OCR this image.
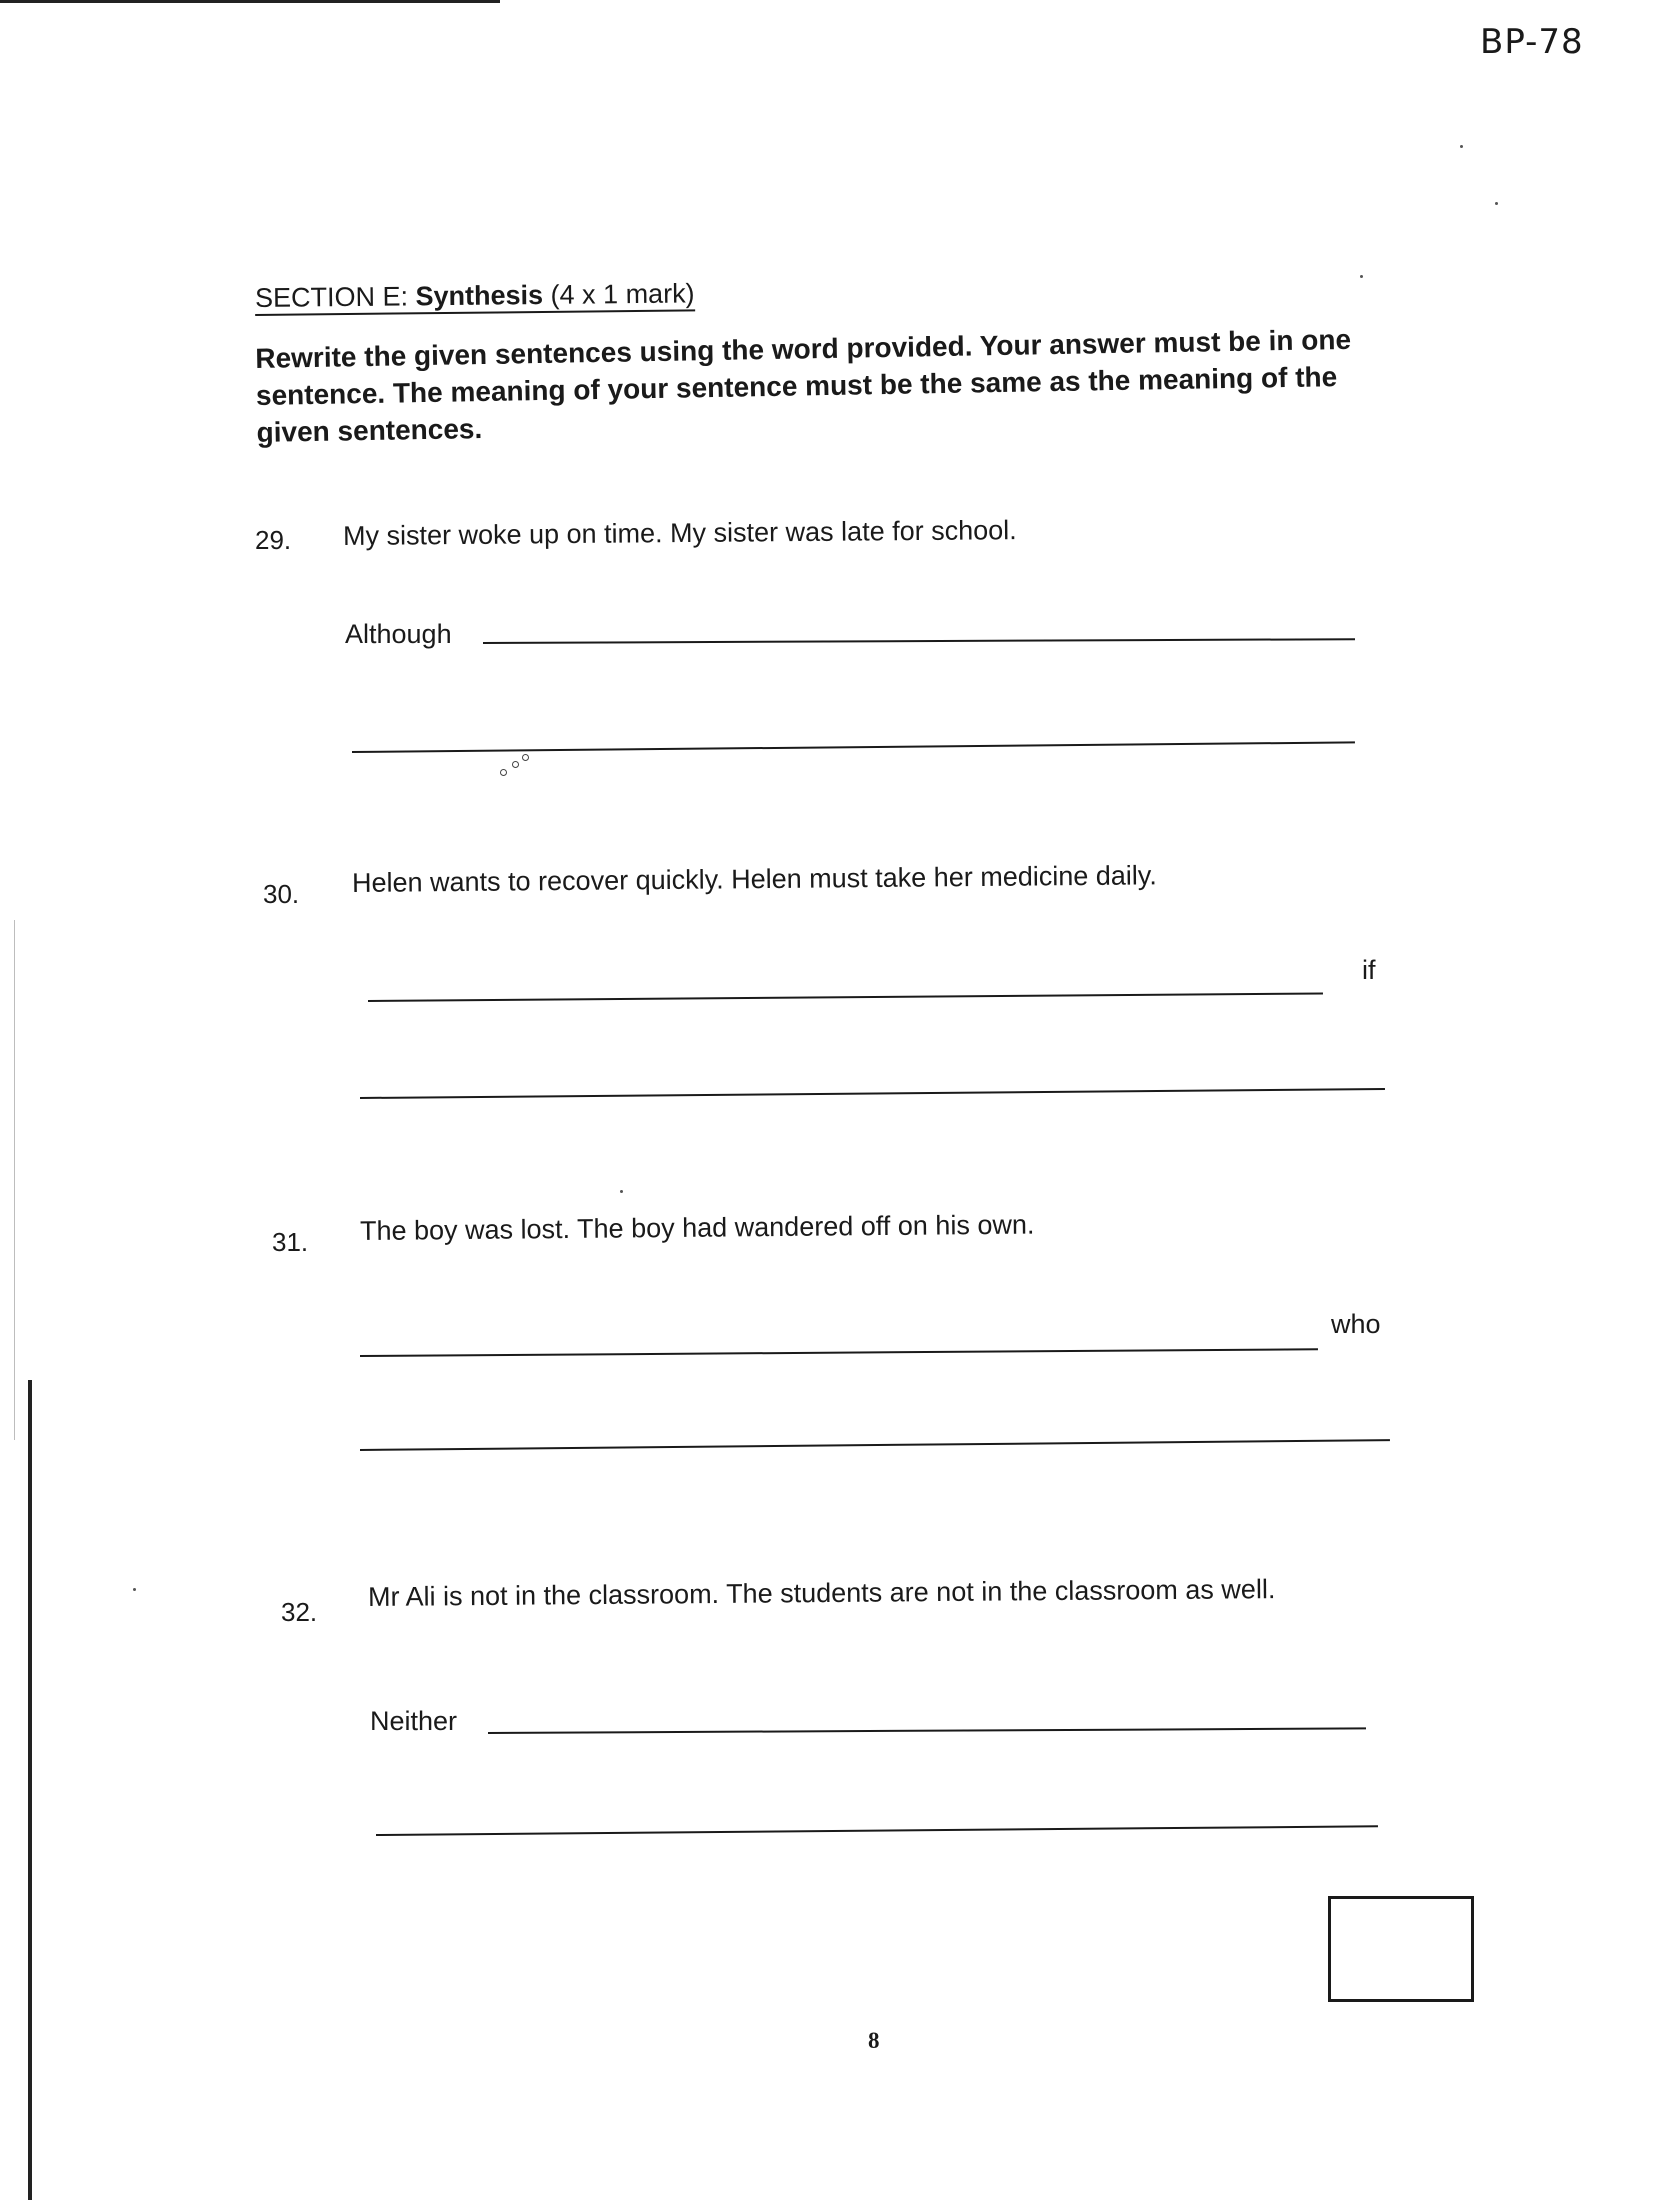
BP-78
SECTION E: Synthesis (4 x 1 mark)
Rewrite the given sentences using the word provided. Your answer must be in one sentence. The meaning of your sentence must be the same as the meaning of the given sentences.
29. My sister woke up on time. My sister was late for school.
Although
30. Helen wants to recover quickly. Helen must take her medicine daily.
if
31. The boy was lost. The boy had wandered off on his own.
who
32.
Mr Ali is not in the classroom. The students are not in the classroom as well.
Neither
8
